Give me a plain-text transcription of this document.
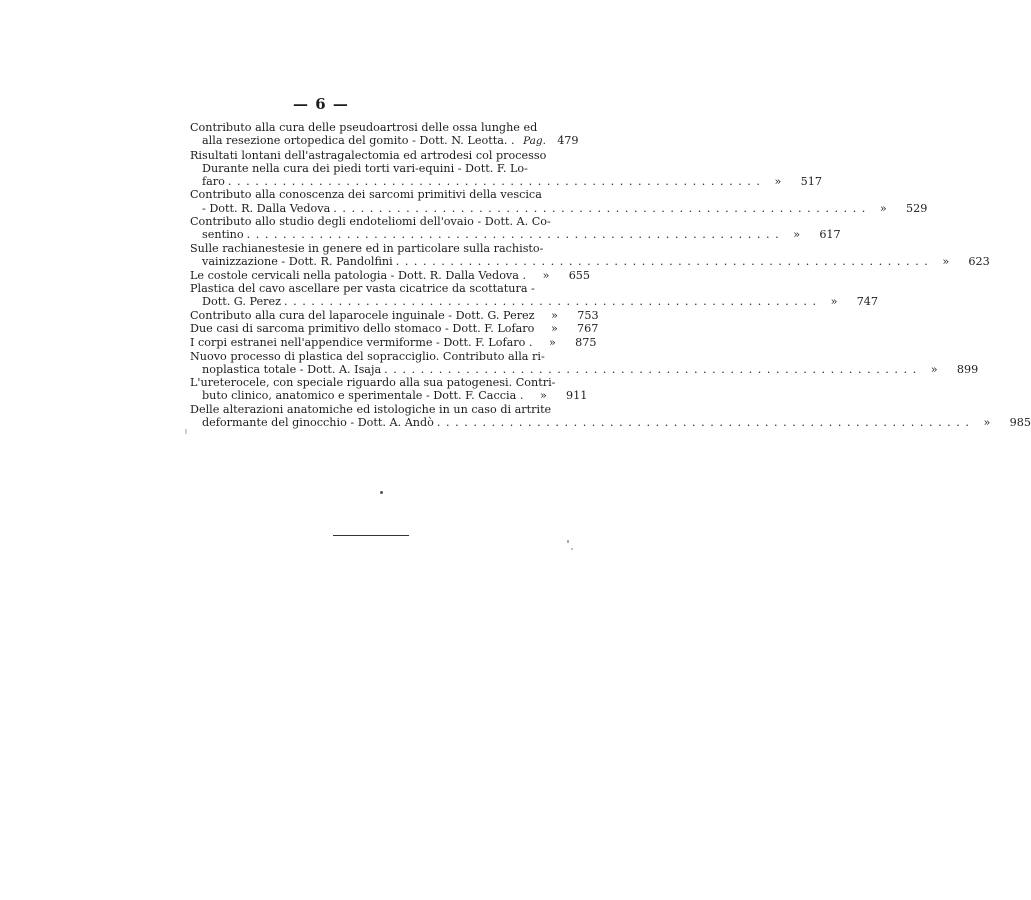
— 6 —
Contributo alla cura delle pseudoartrosi delle ossa lunghe ed
alla resezione ortopedica del gomito - Dott. N. Leotta. . Pag. 479
Risultati lontani dell'astragalectomia ed artrodesi col processo
Durante nella cura dei piedi torti vari-equini - Dott. F. Lo-
faro . . .	»	517
Contributo alla conoscenza dei sarcomi primitivi della vescica
- Dott. R. Dalla Vedova . . .	»	529
Contributo allo studio degli endoteliomi dell'ovaio - Dott. A. Co-
sentino . . .	»	617
Sulle rachianestesie in genere ed in particolare sulla rachisto-
vainizzazione - Dott. R. Pandolfini . . .	»	623
Le costole cervicali nella patologia - Dott. R. Dalla Vedova .	»	655
Plastica del cavo ascellare per vasta cicatrice da scottatura -
Dott. G. Perez . . .	»	747
Contributo alla cura del laparocele inguinale - Dott. G. Perez	»	753
Due casi di sarcoma primitivo dello stomaco - Dott. F. Lofaro	»	767
I corpi estranei nell'appendice vermiforme - Dott. F. Lofaro .	»	875
Nuovo processo di plastica del sopracciglio. Contributo alla ri-
noplastica totale - Dott. A. Isaja . . .	»	899
L'ureterocele, con speciale riguardo alla sua patogenesi. Contri-
buto clinico, anatomico e sperimentale - Dott. F. Caccia .	»	911
Delle alterazioni anatomiche ed istologiche in un caso di artrite
deformante del ginocchio - Dott. A. Andò . . .	»	985
